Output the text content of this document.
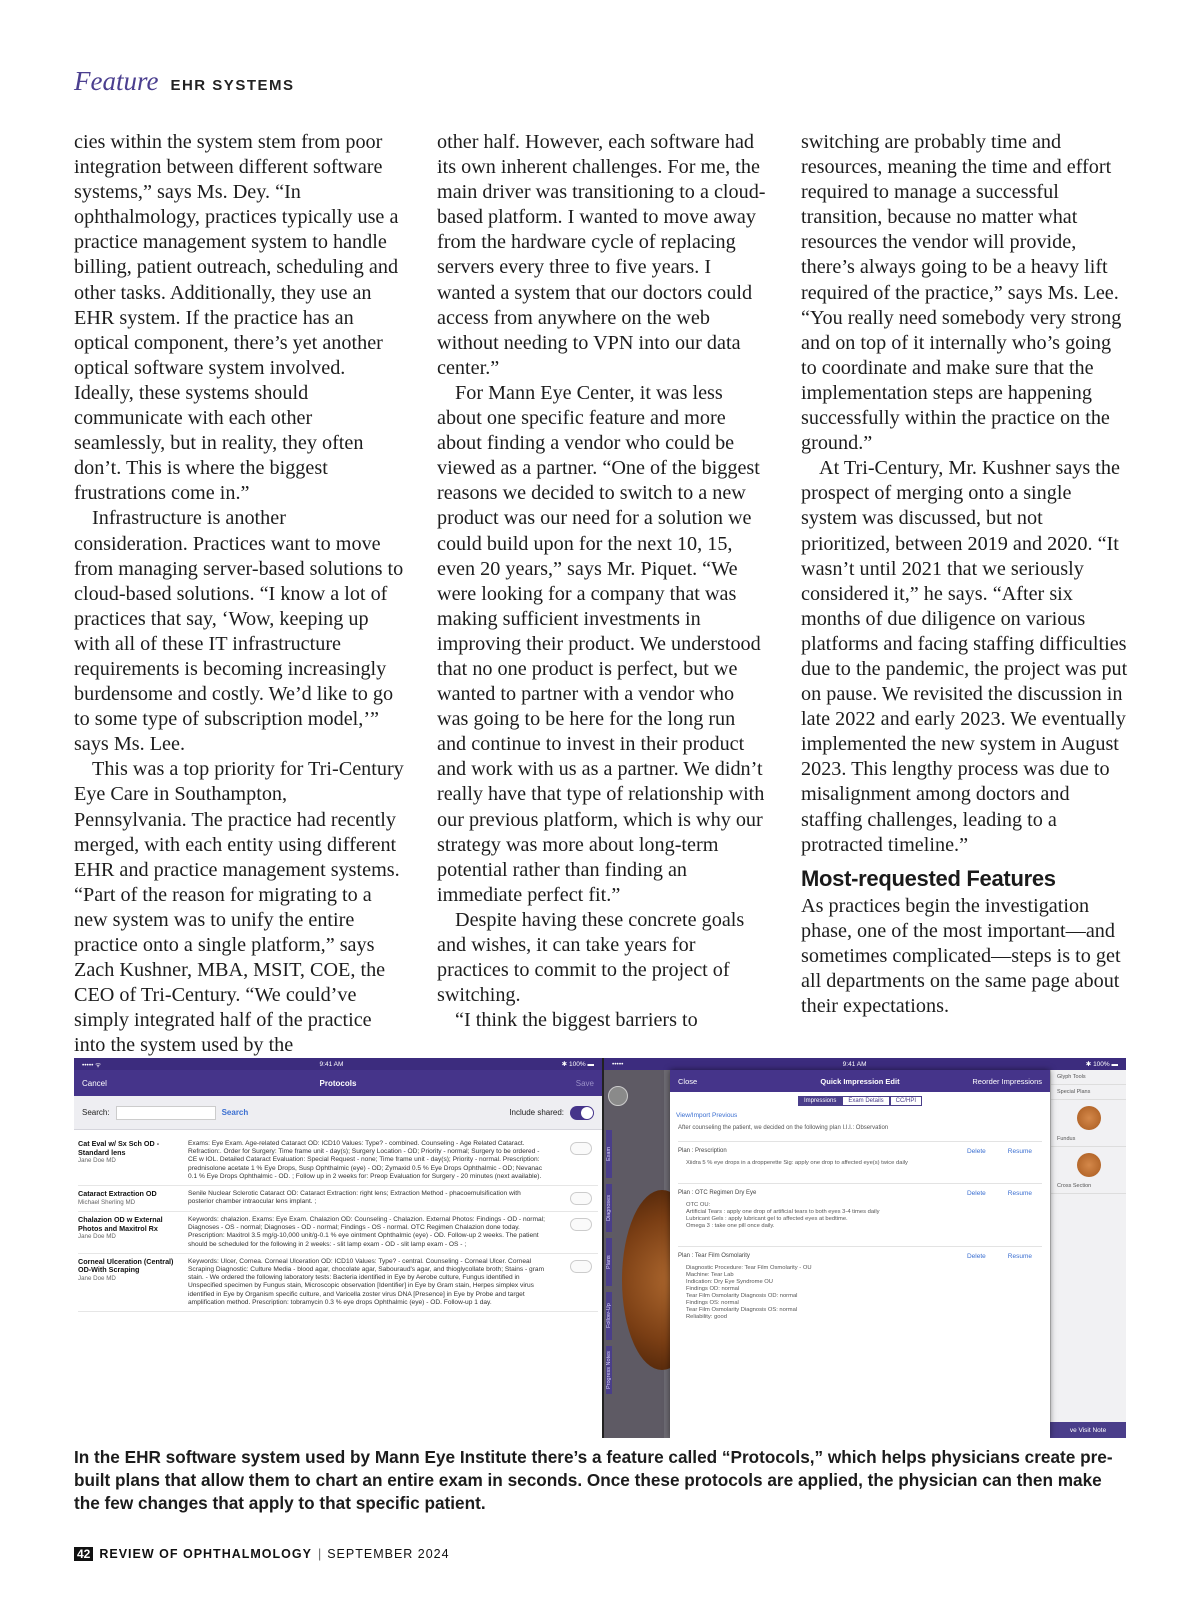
Feature EHR SYSTEMS

cies within the system stem from poor integration between different software systems,” says Ms. Dey. “In ophthalmology, practices typically use a practice management system to handle billing, patient outreach, scheduling and other tasks. Additionally, they use an EHR system. If the practice has an optical component, there’s yet another optical software system involved. Ideally, these systems should communicate with each other seamlessly, but in reality, they often don’t. This is where the biggest frustrations come in.”

Infrastructure is another consideration. Practices want to move from managing server-based solutions to cloud-based solutions. “I know a lot of practices that say, ‘Wow, keeping up with all of these IT infrastructure requirements is becoming increasingly burdensome and costly. We’d like to go to some type of subscription model,’” says Ms. Lee.

This was a top priority for Tri-Century Eye Care in Southampton, Pennsylvania. The practice had recently merged, with each entity using different EHR and practice management systems. “Part of the reason for migrating to a new system was to unify the entire practice onto a single platform,” says Zach Kushner, MBA, MSIT, COE, the CEO of Tri-Century. “We could’ve simply integrated half of the practice into the system used by the

other half. However, each software had its own inherent challenges. For me, the main driver was transitioning to a cloud-based platform. I wanted to move away from the hardware cycle of replacing servers every three to five years. I wanted a system that our doctors could access from anywhere on the web without needing to VPN into our data center.”

For Mann Eye Center, it was less about one specific feature and more about finding a vendor who could be viewed as a partner. “One of the biggest reasons we decided to switch to a new product was our need for a solution we could build upon for the next 10, 15, even 20 years,” says Mr. Piquet. “We were looking for a company that was making sufficient investments in improving their product. We understood that no one product is perfect, but we wanted to partner with a vendor who was going to be here for the long run and continue to invest in their product and work with us as a partner. We didn’t really have that type of relationship with our previous platform, which is why our strategy was more about long-term potential rather than finding an immediate perfect fit.”

Despite having these concrete goals and wishes, it can take years for practices to commit to the project of switching.

“I think the biggest barriers to

switching are probably time and resources, meaning the time and effort required to manage a successful transition, because no matter what resources the vendor will provide, there’s always going to be a heavy lift required of the practice,” says Ms. Lee. “You really need somebody very strong and on top of it internally who’s going to coordinate and make sure that the implementation steps are happening successfully within the practice on the ground.”

At Tri-Century, Mr. Kushner says the prospect of merging onto a single system was discussed, but not prioritized, between 2019 and 2020. “It wasn’t until 2021 that we seriously considered it,” he says. “After six months of due diligence on various platforms and facing staffing difficulties due to the pandemic, the project was put on pause. We revisited the discussion in late 2022 and early 2023. We eventually implemented the new system in August 2023. This lengthy process was due to misalignment among doctors and staffing challenges, leading to a protracted timeline.”

Most-requested Features

As practices begin the investigation phase, one of the most important—and sometimes complicated—steps is to get all departments on the same page about their expectations.

••••• ᯤ	9:41 AM	✱ 100% ▬
Cancel	Protocols	Save
Search:	Search	Include shared:
Cat Eval w/ Sx Sch OD - Standard lens
Jane Doe MD
Exams: Eye Exam. Age-related Cataract OD: ICD10 Values: Type? - combined. Counseling - Age Related Cataract. Refraction:. Order for Surgery: Time frame unit - day(s); Surgery Location - OD; Priority - normal; Surgery to be ordered - CE w IOL. Detailed Cataract Evaluation: Special Request - none; Time frame unit - day(s); Priority - normal. Prescription: prednisolone acetate 1 % Eye Drops, Susp Ophthalmic (eye) - OD; Zymaxid 0.5 % Eye Drops Ophthalmic - OD; Nevanac 0.1 % Eye Drops Ophthalmic - OD. ; Follow up in 2 weeks for: Preop Evaluation for Surgery - 20 minutes (next available).
Cataract Extraction OD
Michael Sherling MD
Senile Nuclear Sclerotic Cataract OD: Cataract Extraction: right lens; Extraction Method - phacoemulsification with posterior chamber intraocular lens implant. ;
Chalazion OD w External Photos and Maxitrol Rx
Jane Doe MD
Keywords: chalazion. Exams: Eye Exam. Chalazion OD: Counseling - Chalazion. External Photos: Findings - OD - normal; Diagnoses - OS - normal; Diagnoses - OD - normal; Findings - OS - normal. OTC Regimen Chalazion done today. Prescription: Maxitrol 3.5 mg/g-10,000 unit/g-0.1 % eye ointment Ophthalmic (eye) - OD. Follow-up 2 weeks. The patient should be scheduled for the following in 2 weeks: - slit lamp exam - OD - slit lamp exam - OS - ;
Corneal Ulceration (Central) OD-With Scraping
Jane Doe MD
Keywords: Ulcer, Cornea. Corneal Ulceration OD: ICD10 Values: Type? - central. Counseling - Corneal Ulcer. Corneal Scraping Diagnostic: Culture Media - blood agar, chocolate agar, Sabouraud's agar, and thioglycollate broth; Stains - gram stain. - We ordered the following laboratory tests: Bacteria identified in Eye by Aerobe culture, Fungus identified in Unspecified specimen by Fungus stain, Microscopic observation [Identifier] in Eye by Gram stain, Herpes simplex virus identified in Eye by Organism specific culture, and Varicella zoster virus DNA [Presence] in Eye by Probe and target amplification method. Prescription: tobramycin 0.3 % eye drops Ophthalmic (eye) - OD. Follow-up 1 day.
•••••	9:41 AM	✱ 100% ▬
Exam
Diagnoses
Plans
Follow-Up
Progress Notes
Glyph Tools
Special Plans
Fundus
Cross Section
ve Visit Note
Close	Quick Impression Edit	Reorder Impressions
Impressions	Exam Details	CC/HPI
View/Import Previous
After counseling the patient, we decided on the following plan I.I.I.: Observation
Plan : Prescription	Delete	Resume
Xiidra 5 % eye drops in a dropperette Sig: apply one drop to affected eye(s) twice daily
Plan : OTC Regimen Dry Eye	Delete	Resume
OTC OU:
Artificial Tears : apply one drop of artificial tears to both eyes 3-4 times daily
Lubricant Gels : apply lubricant gel to affected eyes at bedtime.
Omega 3 : take one pill once daily.
Plan : Tear Film Osmolarity	Delete	Resume
Diagnostic Procedure: Tear Film Osmolarity - OU
Machine: Tear Lab
Indication: Dry Eye Syndrome OU
Findings OD: normal
Tear Film Osmolarity Diagnosis OD: normal
Findings OS: normal
Tear Film Osmolarity Diagnosis OS: normal
Reliability: good
In the EHR software system used by Mann Eye Institute there’s a feature called “Protocols,” which helps physicians create pre-built plans that allow them to chart an entire exam in seconds. Once these protocols are applied, the physician can then make the few changes that apply to that specific patient.
42 REVIEW OF OPHTHALMOLOGY | SEPTEMBER 2024
